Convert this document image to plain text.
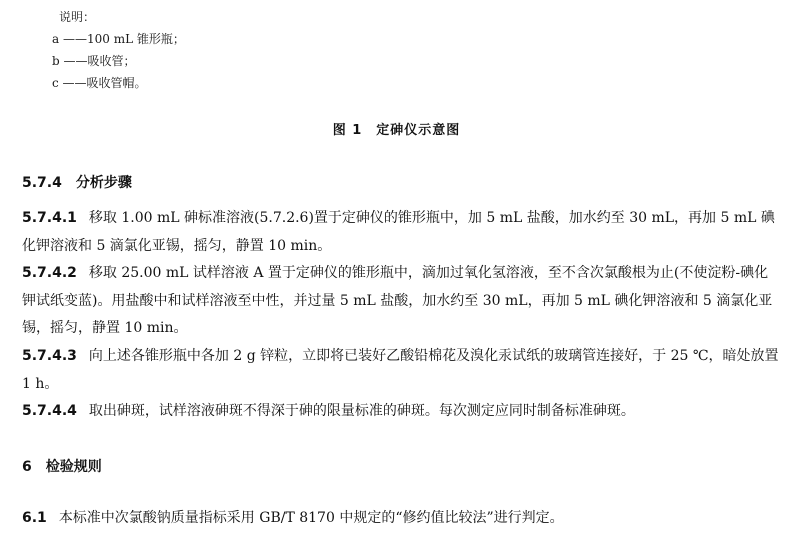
说明：
a ——100 mL 锥形瓶；
b ——吸收管；
c ——吸收管帽。
图 1　定砷仪示意图
5.7.4 分析步骤
5.7.4.1 移取 1.00 mL 砷标准溶液(5.7.2.6)置于定砷仪的锥形瓶中，加 5 mL 盐酸，加水约至 30 mL，再加 5 mL 碘化钾溶液和 5 滴氯化亚锡，摇匀，静置 10 min。
5.7.4.2 移取 25.00 mL 试样溶液 A 置于定砷仪的锥形瓶中，滴加过氧化氢溶液，至不含次氯酸根为止(不使淀粉-碘化钾试纸变蓝)。用盐酸中和试样溶液至中性，并过量 5 mL 盐酸，加水约至 30 mL，再加 5 mL 碘化钾溶液和 5 滴氯化亚锡，摇匀，静置 10 min。
5.7.4.3 向上述各锥形瓶中各加 2 g 锌粒，立即将已装好乙酸铅棉花及溴化汞试纸的玻璃管连接好，于 25 ℃，暗处放置 1 h。
5.7.4.4 取出砷斑，试样溶液砷斑不得深于砷的限量标准的砷斑。每次测定应同时制备标准砷斑。
6 检验规则
6.1 本标准中次氯酸钠质量指标采用 GB/T 8170 中规定的“修约值比较法”进行判定。
